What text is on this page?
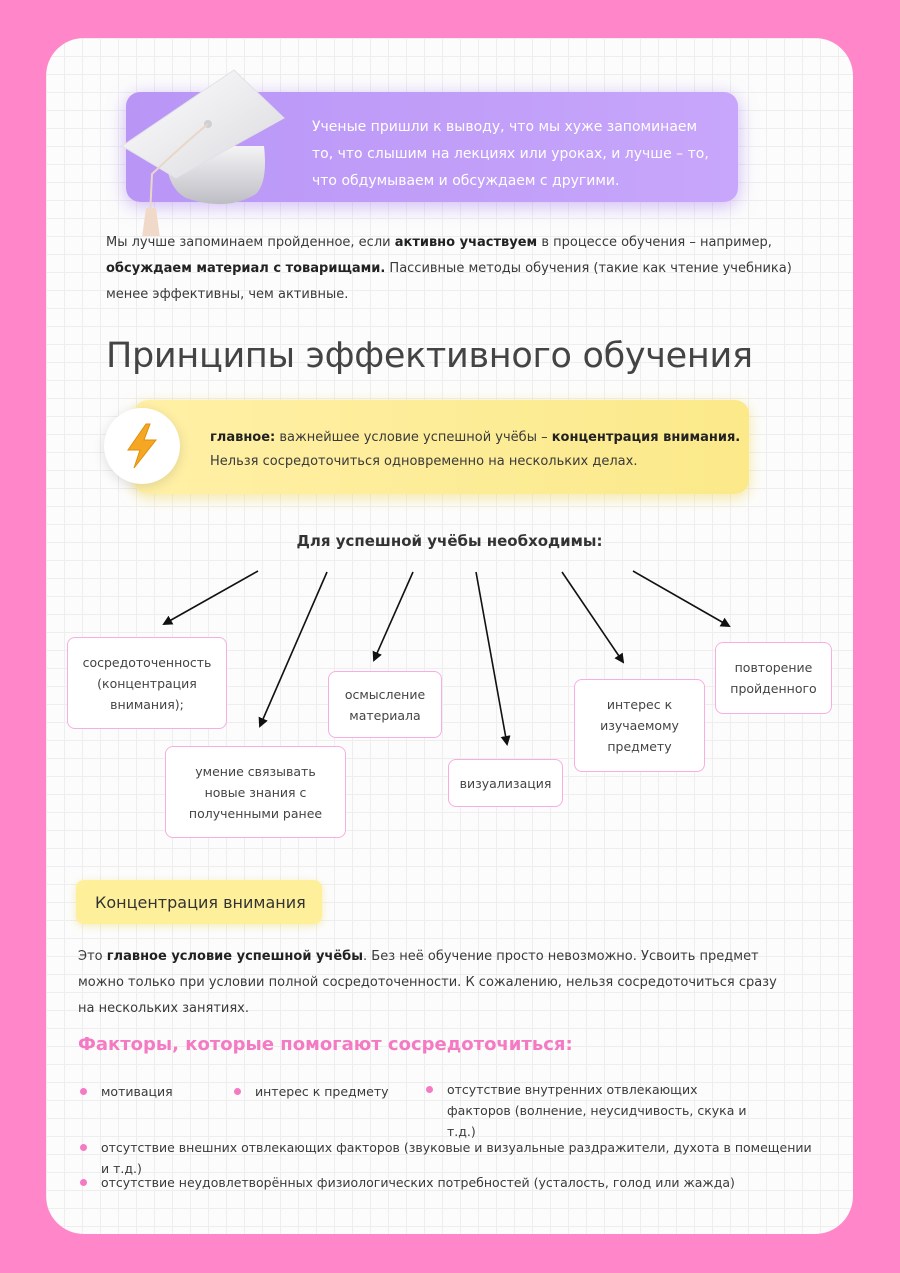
Ученые пришли к выводу, что мы хуже запоминаем то, что слышим на лекциях или уроках, и лучше – то, что обдумываем и обсуждаем с другими.
Мы лучше запоминаем пройденное, если активно участвуем в процессе обучения – например, обсуждаем материал с товарищами. Пассивные методы обучения (такие как чтение учебника) менее эффективны, чем активные.
Принципы эффективного обучения
главное: важнейшее условие успешной учёбы – концентрация внимания. Нельзя сосредоточиться одновременно на нескольких делах.
Для успешной учёбы необходимы:
сосредоточенность (концентрация внимания);
умение связывать новые знания с полученными ранее
осмысление материала
визуализация
интерес к изучаемому предмету
повторение пройденного
Концентрация внимания
Это главное условие успешной учёбы. Без неё обучение просто невозможно. Усвоить предмет можно только при условии полной сосредоточенности. К сожалению, нельзя сосредоточиться сразу на нескольких занятиях.
Факторы, которые помогают сосредоточиться:
мотивация	интерес к предмету	отсутствие внутренних отвлекающих факторов (волнение, неусидчивость, скука и т.д.)
отсутствие внешних отвлекающих факторов (звуковые и визуальные раздражители, духота в помещении и т.д.)
отсутствие неудовлетворённых физиологических потребностей (усталость, голод или жажда)
